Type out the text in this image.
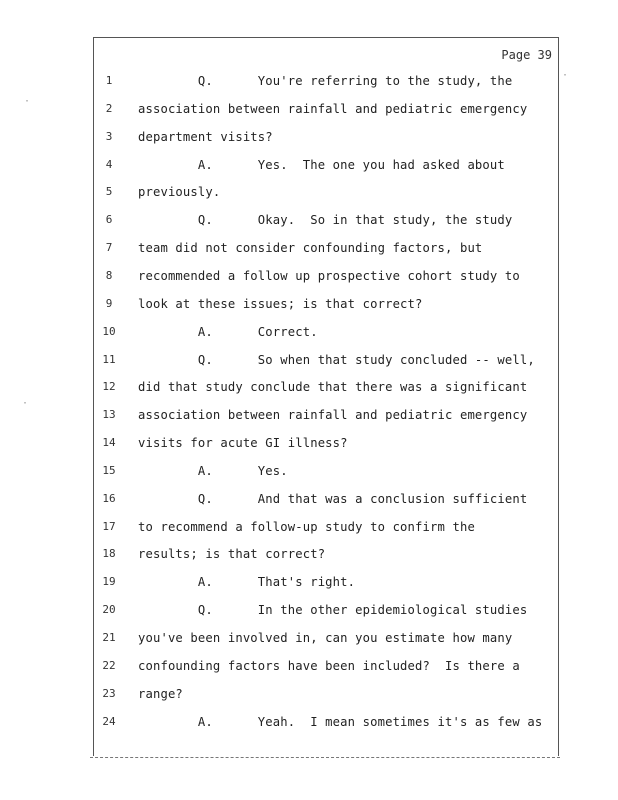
Page 39
·
·
·
1	Q.      You're referring to the study, the
2	association between rainfall and pediatric emergency
3	department visits?
4	A.      Yes.  The one you had asked about
5	previously.
6	Q.      Okay.  So in that study, the study
7	team did not consider confounding factors, but
8	recommended a follow up prospective cohort study to
9	look at these issues; is that correct?
10	A.      Correct.
11	Q.      So when that study concluded -- well,
12	did that study conclude that there was a significant
13	association between rainfall and pediatric emergency
14	visits for acute GI illness?
15	A.      Yes.
16	Q.      And that was a conclusion sufficient
17	to recommend a follow-up study to confirm the
18	results; is that correct?
19	A.      That's right.
20	Q.      In the other epidemiological studies
21	you've been involved in, can you estimate how many
22	confounding factors have been included?  Is there a
23	range?
24	A.      Yeah.  I mean sometimes it's as few as
